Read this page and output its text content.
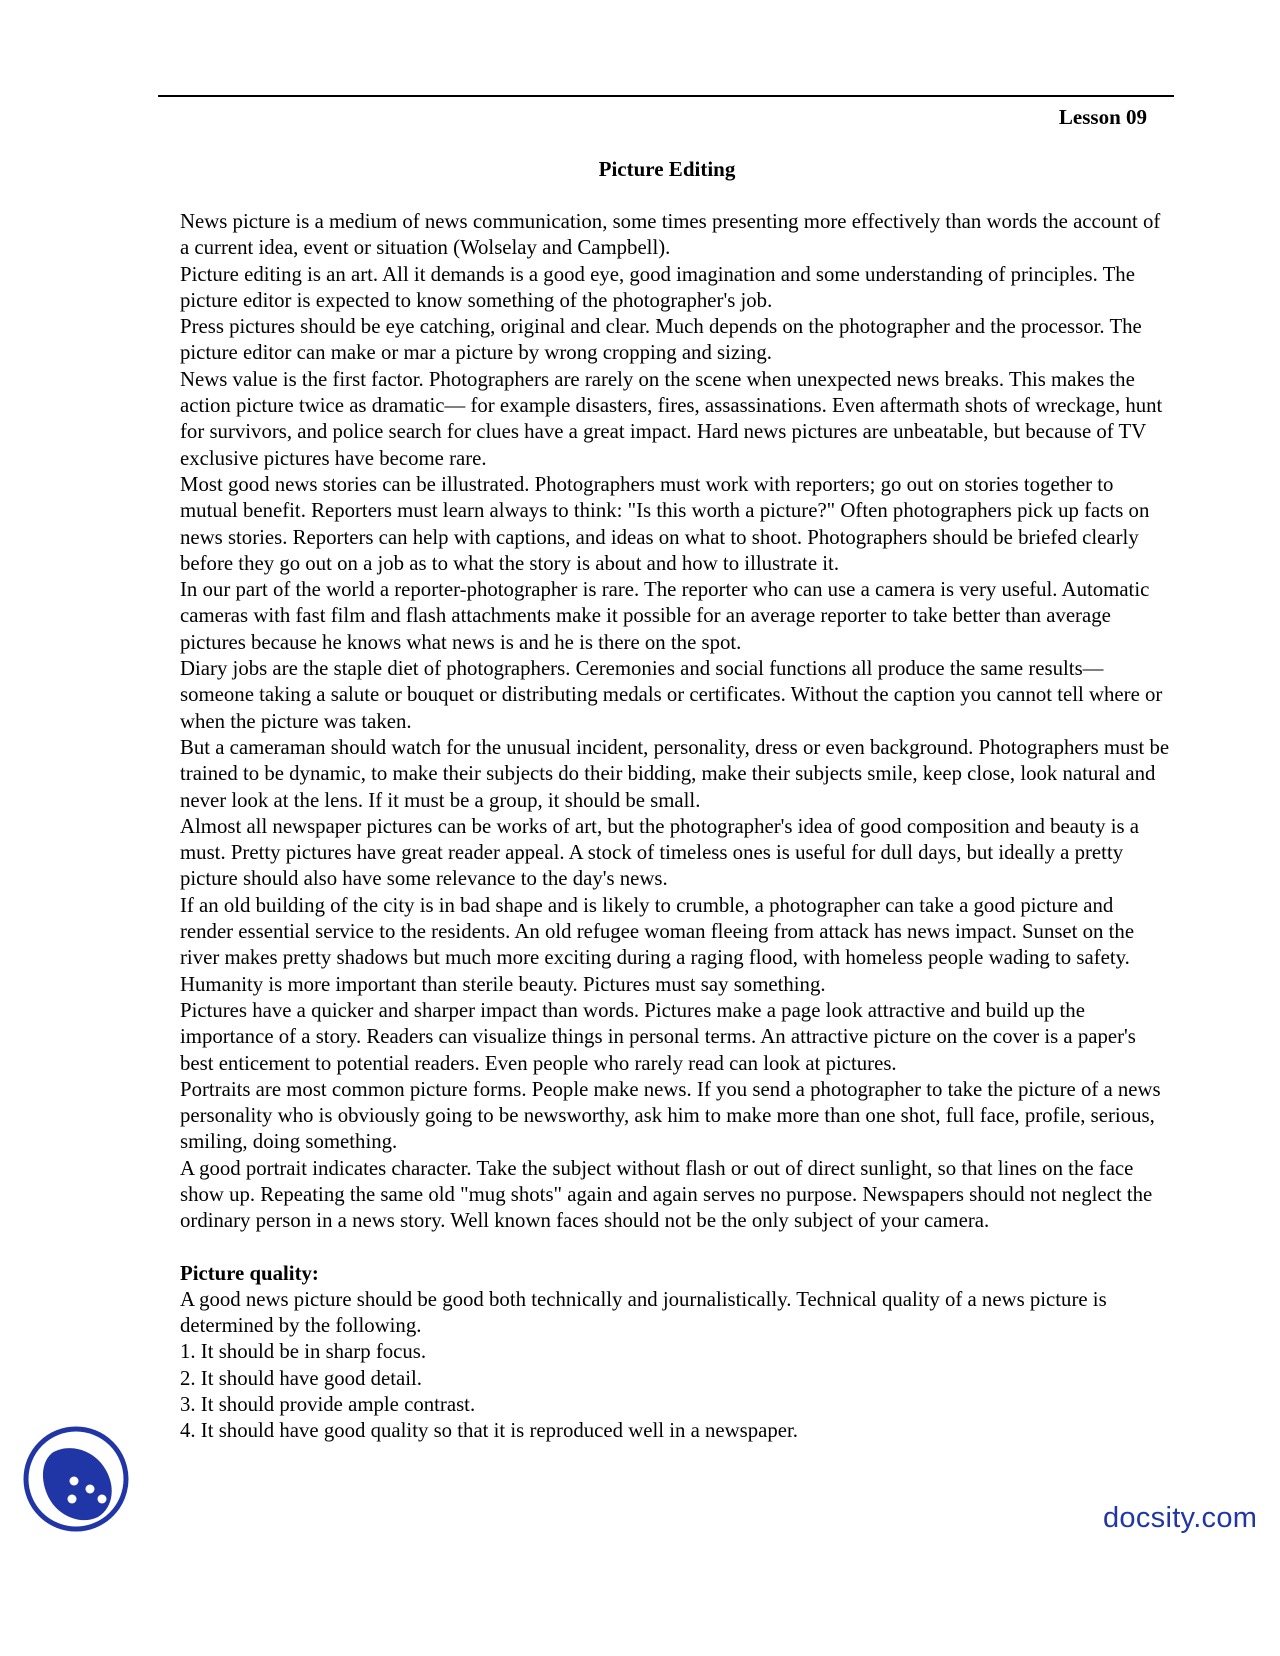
Lesson 09
Picture Editing

News picture is a medium of news communication, some times presenting more effectively than words the account of a current idea, event or situation (Wolselay and Campbell).

Picture editing is an art. All it demands is a good eye, good imagination and some understanding of principles. The picture editor is expected to know something of the photographer's job.

Press pictures should be eye catching, original and clear. Much depends on the photographer and the processor. The picture editor can make or mar a picture by wrong cropping and sizing.

News value is the first factor. Photographers are rarely on the scene when unexpected news breaks. This makes the action picture twice as dramatic— for example disasters, fires, assassinations. Even aftermath shots of wreckage, hunt for survivors, and police search for clues have a great impact. Hard news pictures are unbeatable, but because of TV exclusive pictures have become rare.

Most good news stories can be illustrated. Photographers must work with reporters; go out on stories together to mutual benefit. Reporters must learn always to think: "Is this worth a picture?" Often photographers pick up facts on news stories. Reporters can help with captions, and ideas on what to shoot. Photographers should be briefed clearly before they go out on a job as to what the story is about and how to illustrate it.

In our part of the world a reporter-photographer is rare. The reporter who can use a camera is very useful. Automatic cameras with fast film and flash attachments make it possible for an average reporter to take better than average pictures because he knows what news is and he is there on the spot.

Diary jobs are the staple diet of photographers. Ceremonies and social functions all produce the same results—someone taking a salute or bouquet or distributing medals or certificates. Without the caption you cannot tell where or when the picture was taken.

But a cameraman should watch for the unusual incident, personality, dress or even background. Photographers must be trained to be dynamic, to make their subjects do their bidding, make their subjects smile, keep close, look natural and never look at the lens. If it must be a group, it should be small.

Almost all newspaper pictures can be works of art, but the photographer's idea of good composition and beauty is a must. Pretty pictures have great reader appeal. A stock of timeless ones is useful for dull days, but ideally a pretty picture should also have some relevance to the day's news.

If an old building of the city is in bad shape and is likely to crumble, a photographer can take a good picture and render essential service to the residents. An old refugee woman fleeing from attack has news impact. Sunset on the river makes pretty shadows but much more exciting during a raging flood, with homeless people wading to safety. Humanity is more important than sterile beauty. Pictures must say something.

Pictures have a quicker and sharper impact than words. Pictures make a page look attractive and build up the importance of a story. Readers can visualize things in personal terms. An attractive picture on the cover is a paper's best enticement to potential readers. Even people who rarely read can look at pictures.

Portraits are most common picture forms. People make news. If you send a photographer to take the picture of a news personality who is obviously going to be newsworthy, ask him to make more than one shot, full face, profile, serious, smiling, doing something.

A good portrait indicates character. Take the subject without flash or out of direct sunlight, so that lines on the face show up. Repeating the same old "mug shots" again and again serves no purpose. Newspapers should not neglect the ordinary person in a news story. Well known faces should not be the only subject of your camera.

Picture quality:

A good news picture should be good both technically and journalistically. Technical quality of a news picture is determined by the following.

1. It should be in sharp focus.

2. It should have good detail.

3. It should provide ample contrast.

4. It should have good quality so that it is reproduced well in a newspaper.

docsity.com
